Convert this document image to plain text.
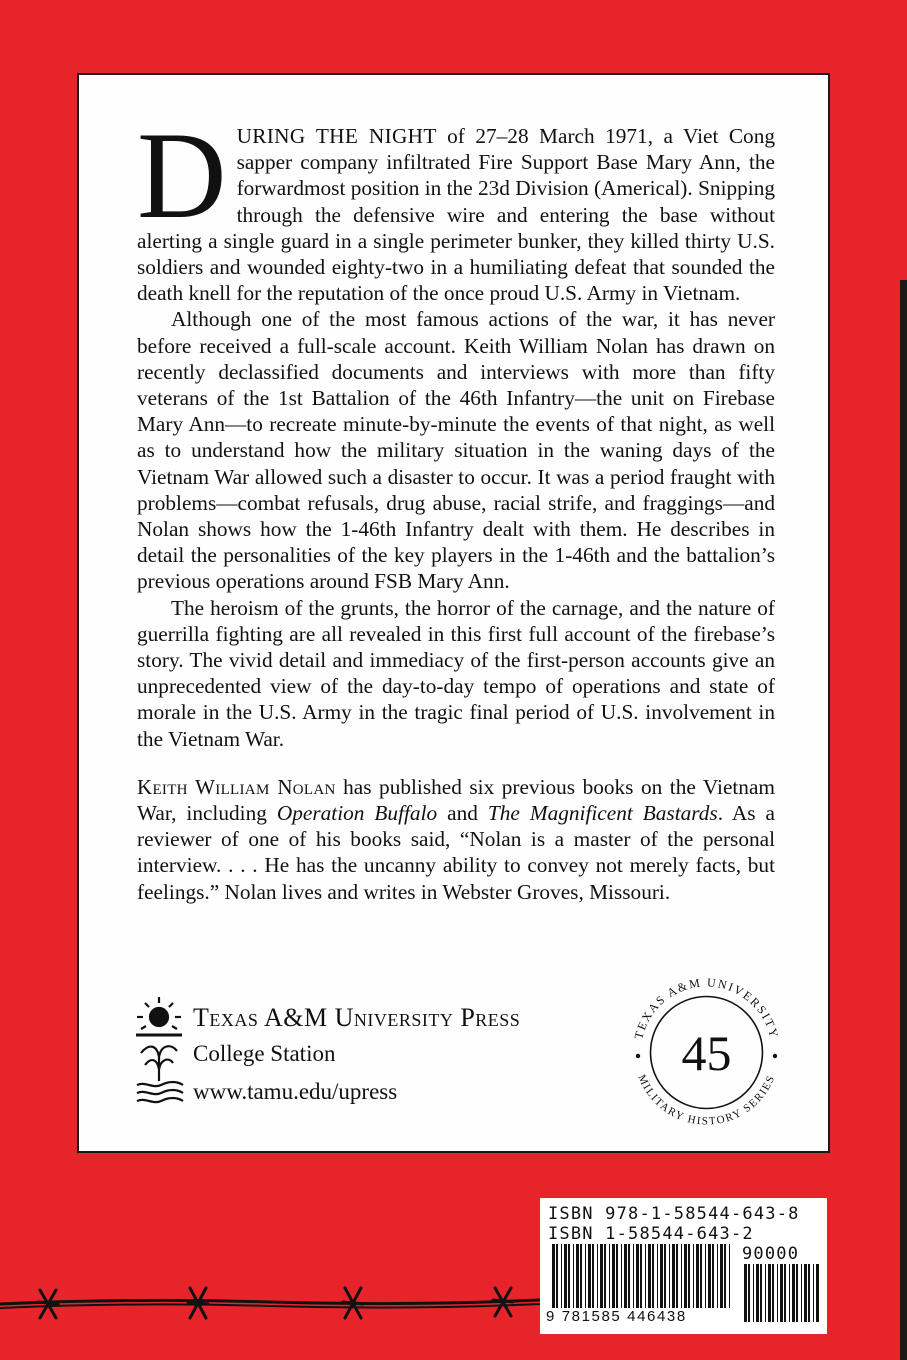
DURING THE NIGHT of 27–28 March 1971, a Viet Cong sapper company infiltrated Fire Support Base Mary Ann, the forwardmost position in the 23d Division (Americal). Snipping through the defensive wire and entering the base without alerting a single guard in a single perimeter bunker, they killed thirty U.S. soldiers and wounded eighty-two in a humiliating defeat that sounded the death knell for the reputation of the once proud U.S. Army in Vietnam.

Although one of the most famous actions of the war, it has never before received a full-scale account. Keith William Nolan has drawn on recently declassified documents and interviews with more than fifty veterans of the 1st Battalion of the 46th Infantry—the unit on Firebase Mary Ann—to recreate minute-by-minute the events of that night, as well as to understand how the military situation in the waning days of the Vietnam War allowed such a disaster to occur. It was a period fraught with problems—combat refusals, drug abuse, racial strife, and fraggings—and Nolan shows how the 1-46th Infantry dealt with them. He describes in detail the personalities of the key players in the 1-46th and the battalion’s previous operations around FSB Mary Ann.

The heroism of the grunts, the horror of the carnage, and the nature of guerrilla fighting are all revealed in this first full account of the firebase’s story. The vivid detail and immediacy of the first-person accounts give an unprecedented view of the day-to-day tempo of operations and state of morale in the U.S. Army in the tragic final period of U.S. involvement in the Vietnam War.

Keith William Nolan has published six previous books on the Vietnam War, including Operation Buffalo and The Magnificent Bastards. As a reviewer of one of his books said, “Nolan is a master of the personal interview. . . . He has the uncanny ability to convey not merely facts, but feelings.” Nolan lives and writes in Webster Groves, Missouri.

Texas A&M University Press
College Station
www.tamu.edu/upress
TEXAS A&M UNIVERSITY
MILITARY HISTORY SERIES
45
ISBN 978-1-58544-643-8
ISBN 1-58544-643-2
90000
9 781585 446438
